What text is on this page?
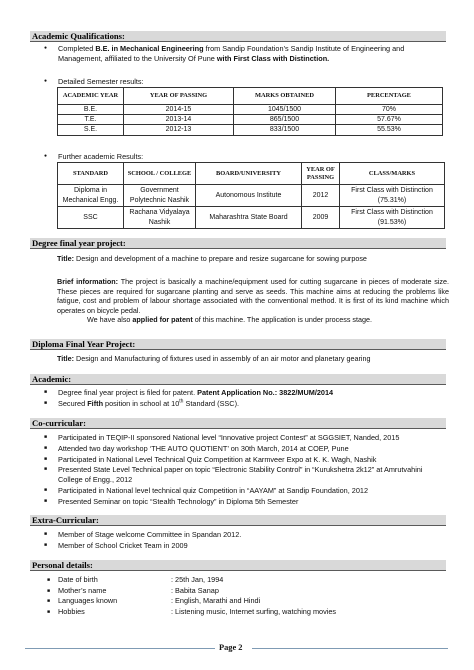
Academic Qualifications:
● Completed B.E. in Mechanical Engineering from Sandip Foundation’s Sandip Institute of Engineering and Management, affiliated to the University Of Pune with First Class with Distinction.
● Detailed Semester results:
ACADEMIC YEAR	YEAR OF PASSING	MARKS OBTAINED	PERCENTAGE
B.E.	2014-15	1045/1500	70%
T.E.	2013-14	865/1500	57.67%
S.E.	2012-13	833/1500	55.53%
● Further academic Results:
STANDARD	SCHOOL / COLLEGE	BOARD/UNIVERSITY	YEAR OF PASSING	CLASS/MARKS
Diploma in Mechanical Engg.	Government Polytechnic Nashik	Autonomous Institute	2012	First Class with Distinction (75.31%)
SSC	Rachana Vidyalaya Nashik	Maharashtra State Board	2009	First Class with Distinction (91.53%)
Degree final year project:
Title: Design and development of a machine to prepare and resize sugarcane for sowing purpose
Brief information: The project is basically a machine/equipment used for cutting sugarcane in pieces of moderate size. These pieces are required for sugarcane planting and serve as seeds. This machine aims at reducing the problems like fatigue, cost and problem of labour shortage associated with the conventional method. It is first of its kind machine which operates on bicycle pedal.
We have also applied for patent of this machine. The application is under process stage.
Diploma Final Year Project:
Title: Design and Manufacturing of fixtures used in assembly of an air motor and planetary gearing
Academic:
■ Degree final year project is filed for patent. Patent Application No.: 3822/MUM/2014
■ Secured Fifth position in school at 10th Standard (SSC).
Co-curricular:
■ Participated in TEQIP-II sponsored National level “Innovative project Contest” at SGGSIET, Nanded, 2015
■ Attended two day workshop ‘THE AUTO QUOTIENT’ on 30th March, 2014 at COEP, Pune
■ Participated in National Level Technical Quiz Competition at Karmveer Expo at K. K. Wagh, Nashik
■ Presented State Level Technical paper on topic “Electronic Stability Control” in “Kurukshetra 2k12” at Amrutvahini College of Engg., 2012
■ Participated in National level technical quiz Competition in “AAYAM” at Sandip Foundation, 2012
■ Presented Seminar on topic “Stealth Technology” in Diploma 5th Semester
Extra-Curricular:
■ Member of Stage welcome Committee in Spandan 2012.
■ Member of School Cricket Team in 2009
Personal details:
■ Date of birth	: 25th Jan, 1994
■ Mother’s name	: Babita Sanap
■ Languages known	: English, Marathi and Hindi
■ Hobbies	: Listening music, Internet surfing, watching movies
Page 2
